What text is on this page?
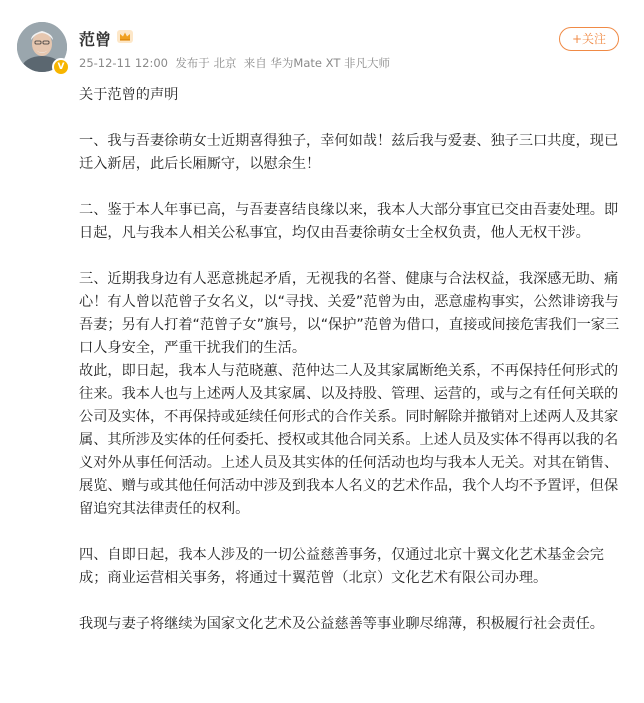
V
范曾
25-12-11 12:00 发布于 北京 来自 华为Mate XT 非凡大师
+关注

关于范曾的声明

一、我与吾妻徐萌女士近期喜得独子，幸何如哉！兹后我与爱妻、独子三口共度，现已迁入新居，此后长厢厮守，以慰余生！

二、鉴于本人年事已高，与吾妻喜结良缘以来，我本人大部分事宜已交由吾妻处理。即日起，凡与我本人相关公私事宜，均仅由吾妻徐萌女士全权负责，他人无权干涉。

三、近期我身边有人恶意挑起矛盾，无视我的名誉、健康与合法权益，我深感无助、痛心！有人曾以范曾子女名义，以“寻找、关爱”范曾为由，恶意虚构事实，公然诽谤我与吾妻；另有人打着“范曾子女”旗号，以“保护”范曾为借口，直接或间接危害我们一家三口人身安全，严重干扰我们的生活。

故此，即日起，我本人与范晓蕙、范仲达二人及其家属断绝关系，不再保持任何形式的往来。我本人也与上述两人及其家属、以及持股、管理、运营的，或与之有任何关联的公司及实体，不再保持或延续任何形式的合作关系。同时解除并撤销对上述两人及其家属、其所涉及实体的任何委托、授权或其他合同关系。上述人员及实体不得再以我的名义对外从事任何活动。上述人员及其实体的任何活动也均与我本人无关。对其在销售、展览、赠与或其他任何活动中涉及到我本人名义的艺术作品，我个人均不予置评，但保留追究其法律责任的权利。

四、自即日起，我本人涉及的一切公益慈善事务，仅通过北京十翼文化艺术基金会完成；商业运营相关事务，将通过十翼范曾（北京）文化艺术有限公司办理。

我现与妻子将继续为国家文化艺术及公益慈善等事业聊尽绵薄，积极履行社会责任。
